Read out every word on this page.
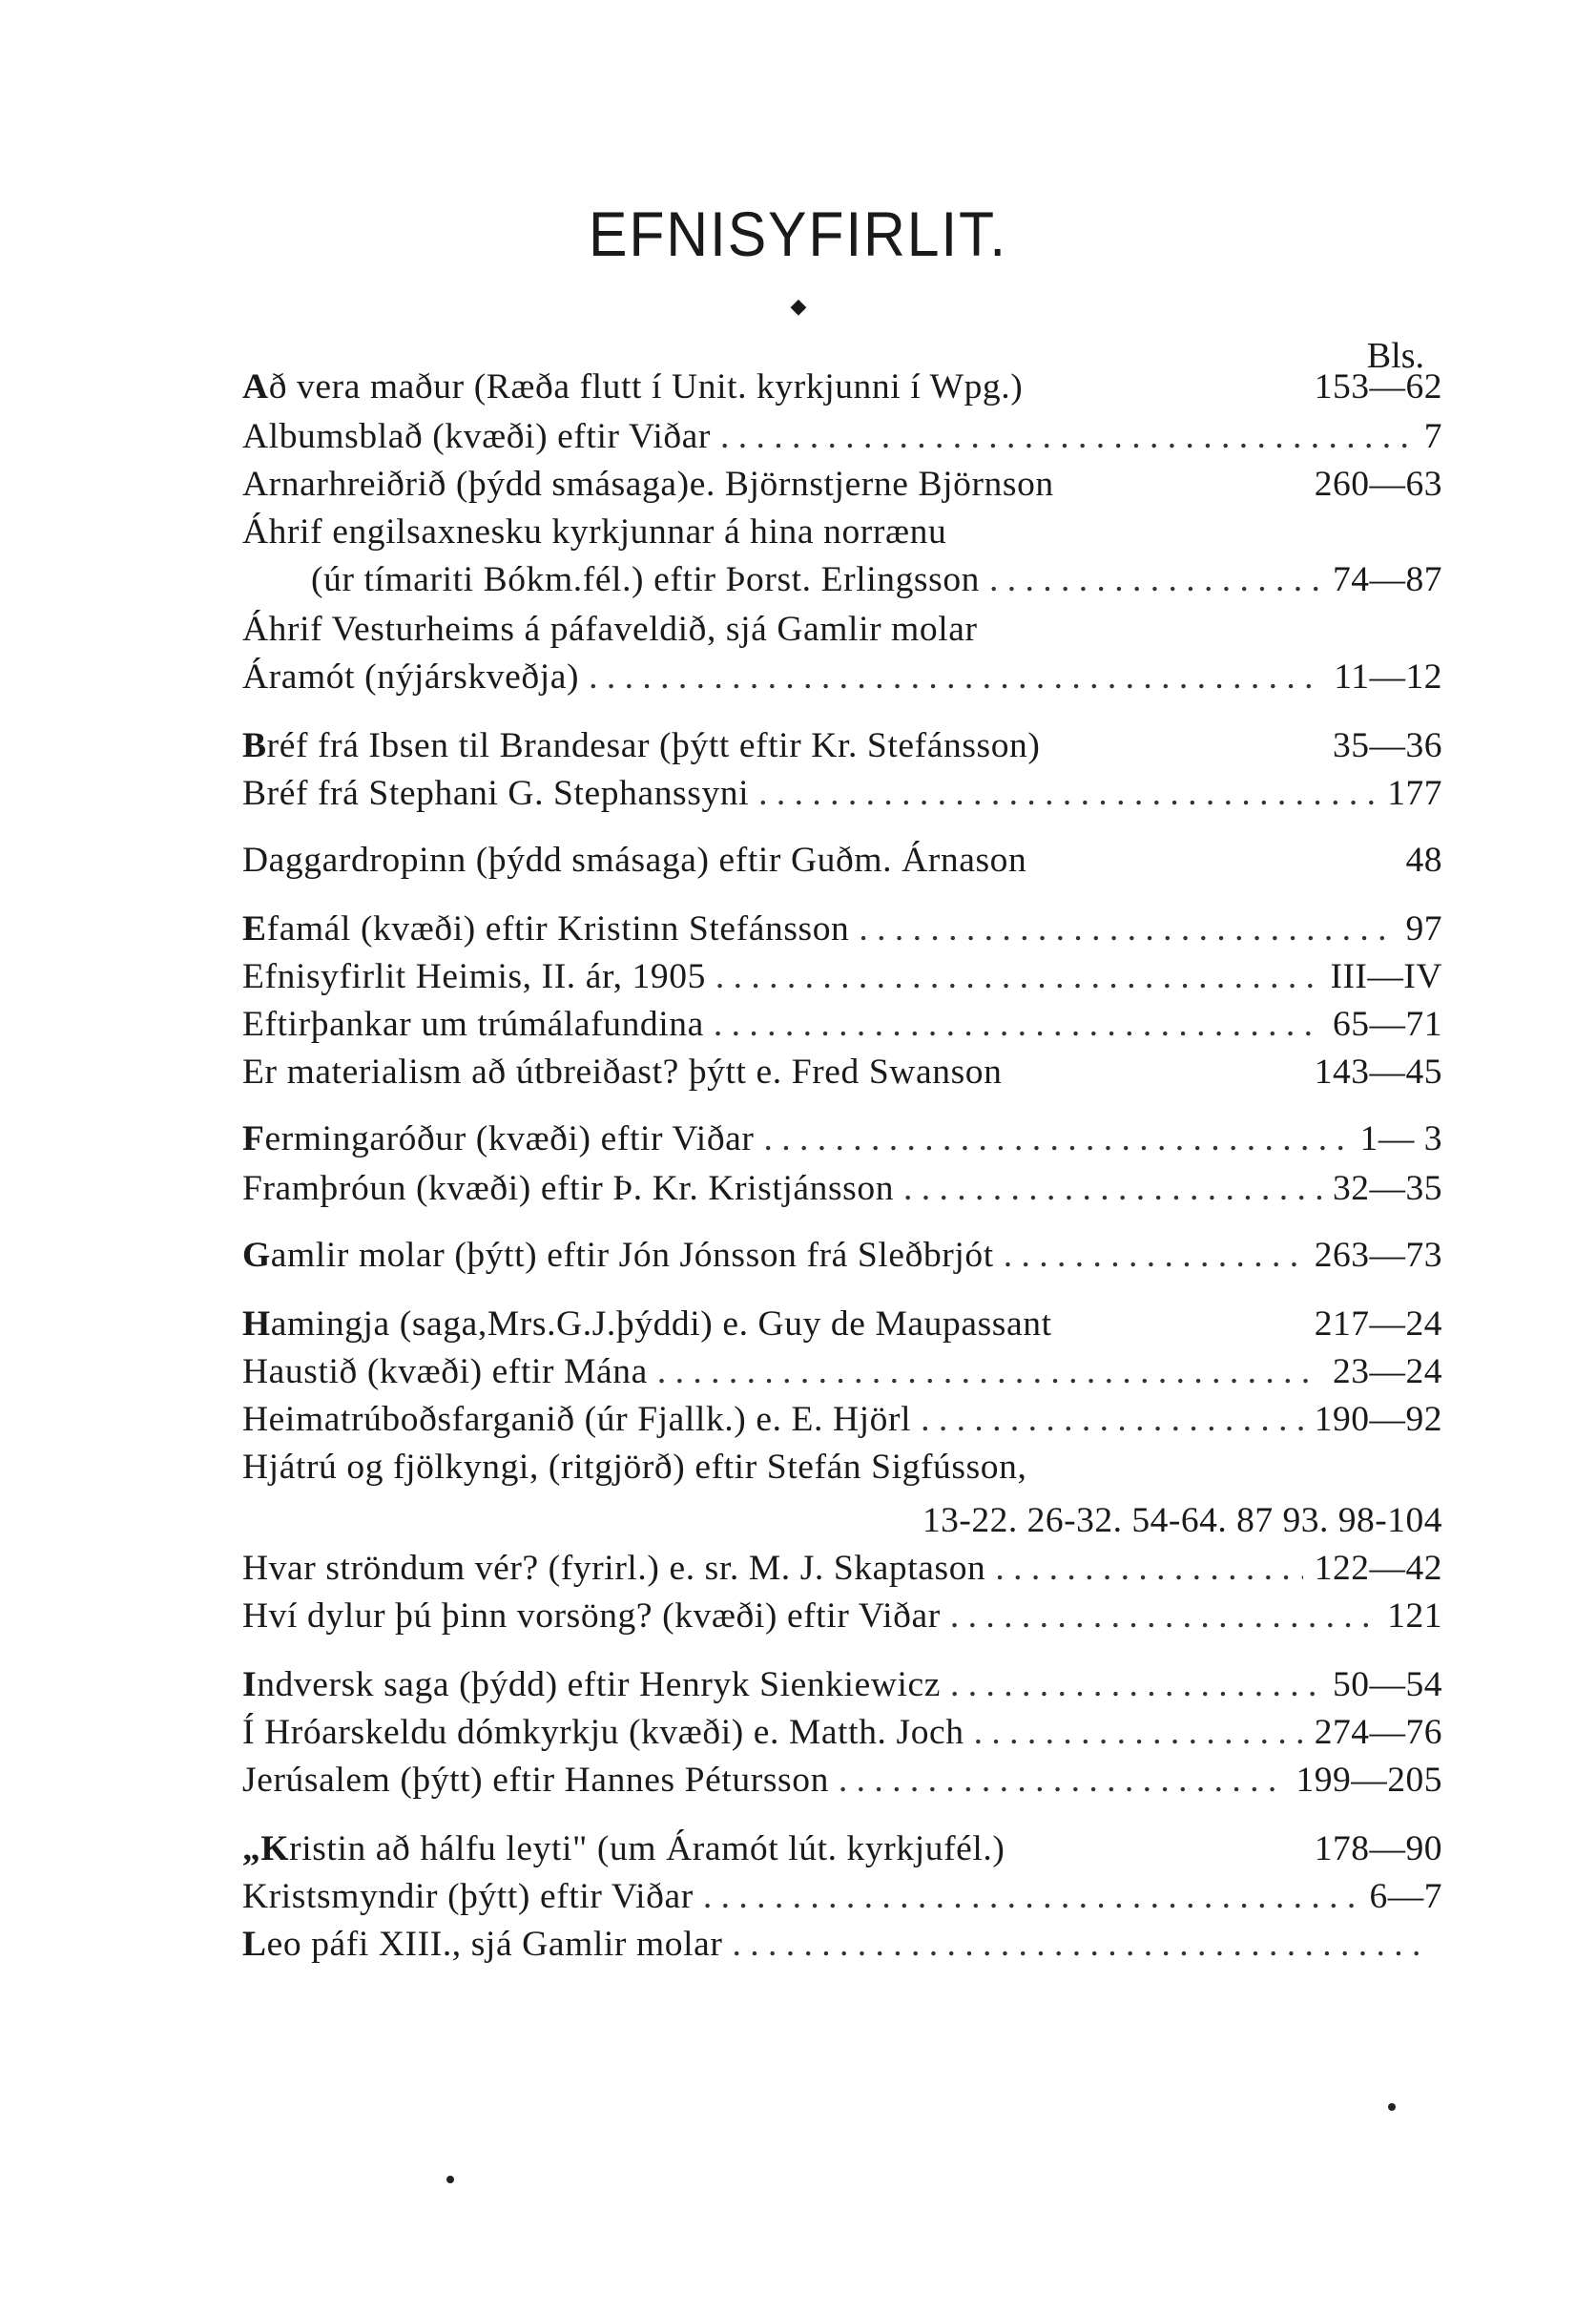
EFNISYFIRLIT.
◆
Bls.
Að vera maður (Ræða flutt í Unit. kyrkjunni í Wpg.)	153—62
Albumsblað (kvæði) eftir Viðar . . .	7
Arnarhreiðrið (þýdd smásaga)e. Björnstjerne Björnson	260—63
Áhrif engilsaxnesku kyrkjunnar á hina norrænu
(úr tímariti Bókm.fél.) eftir Þorst. Erlingsson . . .	74—87
Áhrif Vesturheims á páfaveldið, sjá Gamlir molar
Áramót (nýjárskveðja) . . .	11—12
Bréf frá Ibsen til Brandesar (þýtt eftir Kr. Stefánsson)	35—36
Bréf frá Stephani G. Stephanssyni . . .	177
Daggardropinn (þýdd smásaga) eftir Guðm. Árnason	48
Efamál (kvæði) eftir Kristinn Stefánsson . . .	97
Efnisyfirlit Heimis, II. ár, 1905 . . .	III—IV
Eftirþankar um trúmálafundina . . .	65—71
Er materialism að útbreiðast? þýtt e. Fred Swanson	143—45
Fermingaróður (kvæði) eftir Viðar . . .	1— 3
Framþróun (kvæði) eftir Þ. Kr. Kristjánsson . . .	32—35
Gamlir molar (þýtt) eftir Jón Jónsson frá Sleðbrjót . . .	263—73
Hamingja (saga,Mrs.G.J.þýddi) e. Guy de Maupassant	217—24
Haustið (kvæði) eftir Mána . . .	23—24
Heimatrúboðsfarganið (úr Fjallk.) e. E. Hjörl . . .	190—92
Hjátrú og fjölkyngi, (ritgjörð) eftir Stefán Sigfússon,
13-22. 26-32. 54-64. 87 93. 98-104
Hvar ströndum vér? (fyrirl.) e. sr. M. J. Skaptason . . .	122—42
Hví dylur þú þinn vorsöng? (kvæði) eftir Viðar . . .	121
Indversk saga (þýdd) eftir Henryk Sienkiewicz . . .	50—54
Í Hróarskeldu dómkyrkju (kvæði) e. Matth. Joch . . .	274—76
Jerúsalem (þýtt) eftir Hannes Pétursson . . .	199—205
„Kristin að hálfu leyti" (um Áramót lút. kyrkjufél.)	178—90
Kristsmyndir (þýtt) eftir Viðar . . .	6—7
Leo páfi XIII., sjá Gamlir molar
. . .
